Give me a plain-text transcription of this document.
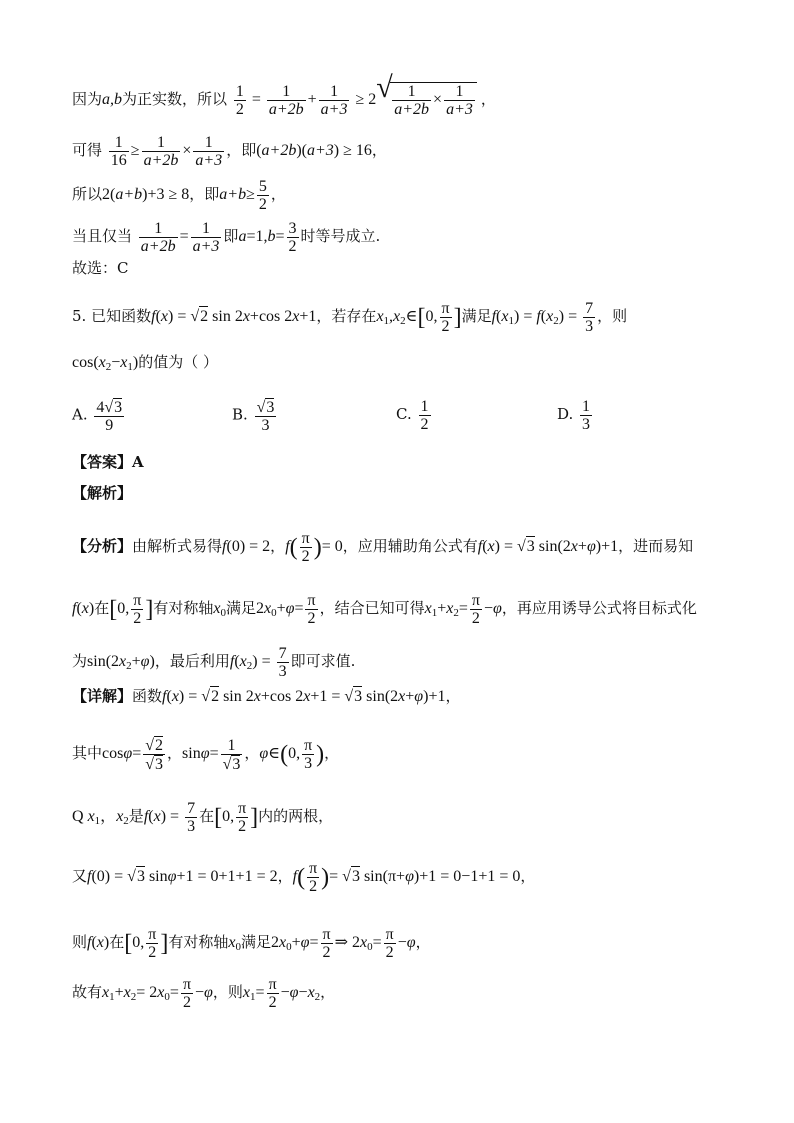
因为a,b为正实数，所以 $\frac{1}{2} = \frac{1}{a+2b} + \frac{1}{a+3} \ge 2$
√ $\frac{1}{a+2b} \times \frac{1}{a+3}$ ，
可得 $\frac{1}{16} \ge \frac{1}{a+2b} \times \frac{1}{a+3}$ ，即(a+2b)(a+3) ≥ 16，
所以2(a+b)+3 ≥ 8，即$a+b\ge \frac{5}{2}$ ，
当且仅当 $\frac{1}{a+2b} = \frac{1}{a+3}$ 即$a=1,b= \frac{3}{2}$ 时等号成立.
故选：C
5. 已知函数f(x) = √2 sin 2x+cos 2x+1，若存在$x_1,x_2\in[0$, $\frac{\pi}{2}$ ]满足$f(x_1) = f(x_2) = \frac{7}{3}$ ，则
$\cos(x_2-x_1)$的值为（ ）
A. $\frac{4√3}{9}$	B. $\frac{√3}{3}$	C. $\frac{1}{2}$	D. $\frac{1}{3}$
【答案】A
【解析】
【分析】由解析式易得f(0) = 2，$f( \frac{\pi}{2}$ )= 0，应用辅助角公式有f(x) = √3 sin(2x+φ)+1，进而易知
f(x)在[0, $\frac{\pi}{2}$ ]有对称轴$x_0$满足$2x_0+\varphi= \frac{\pi}{2}$ ，结合已知可得$x_1+x_2= \frac{\pi}{2} -\varphi$，再应用诱导公式将目标式化
为$\sin(2x_2+\varphi)$，最后利用$f(x_2) = \frac{7}{3}$ 即可求值.
【详解】函数f(x) = √2 sin 2x+cos 2x+1 = √3 sin(2x+φ)+1，
其中$\cos\varphi= \frac{√2}{√3}$ ，$\sin\varphi= \frac{1}{√3}$ ，φ∈(0, $\frac{\pi}{3}$ )，
Q $x_1$，$x_2$是$f(x) = \frac{7}{3}$ 在[0, $\frac{\pi}{2}$ ]内的两根，
又f(0) = √3 sinφ+1 = 0+1+1 = 2，$f( \frac{\pi}{2}$ )= √3 sin(π+φ)+1 = 0−1+1 = 0，
则f(x)在[0, $\frac{\pi}{2}$ ]有对称轴$x_0$满足$2x_0+\varphi= \frac{\pi}{2}$ ⇒ $2x_0= \frac{\pi}{2} -\varphi$，
故有$x_1+x_2= 2x_0= \frac{\pi}{2} -\varphi$，则$x_1= \frac{\pi}{2} -\varphi-x_2$，
